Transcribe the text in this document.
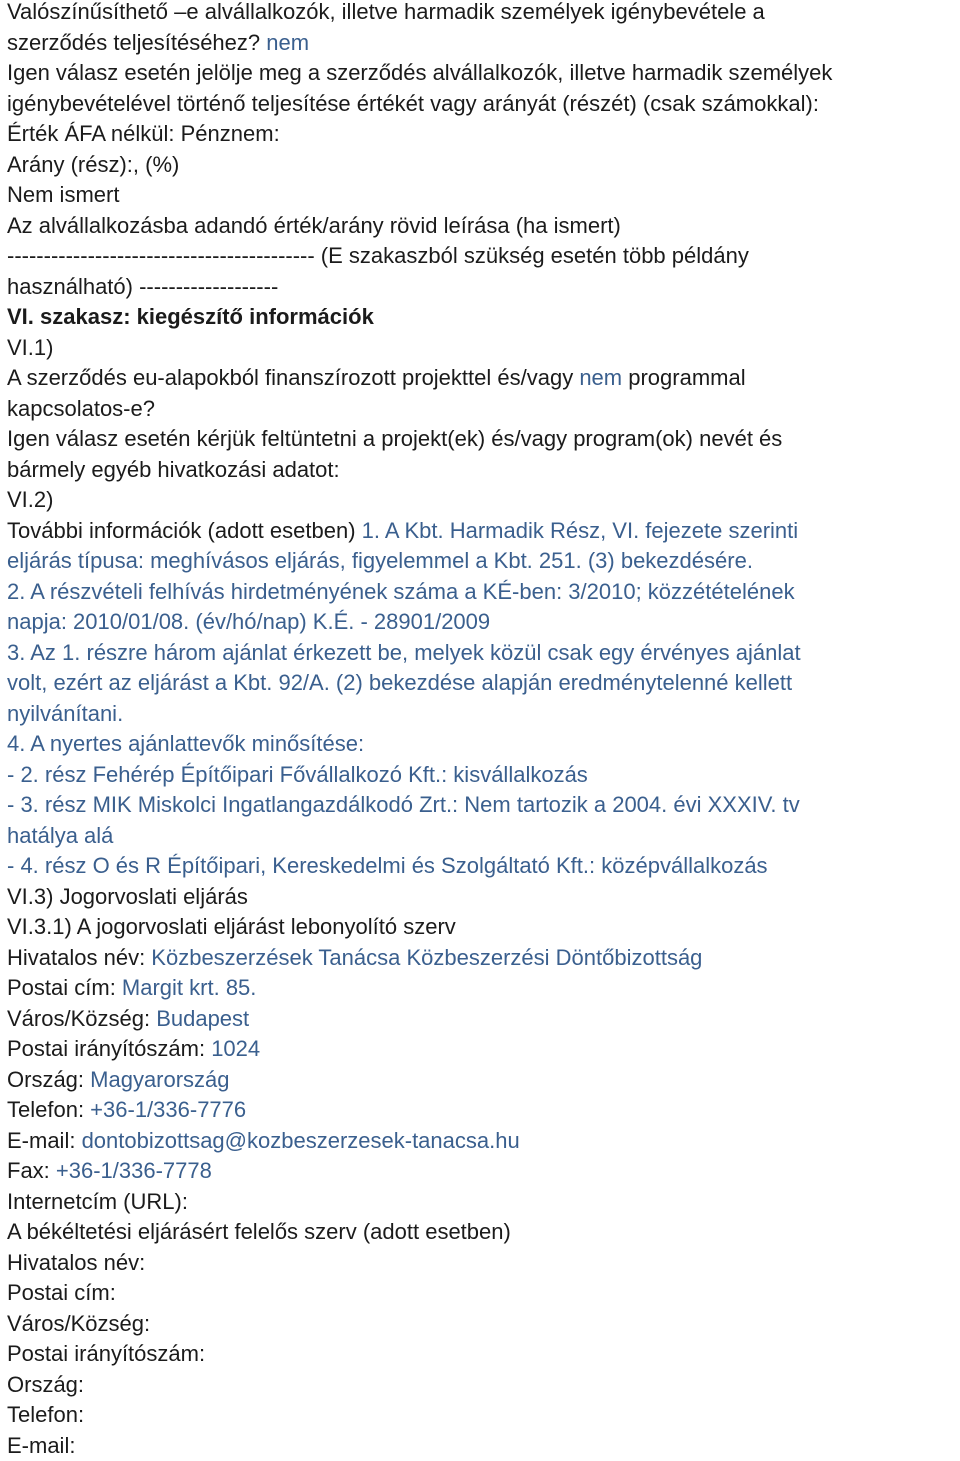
Valószínűsíthető –e alvállalkozók, illetve harmadik személyek igénybevétele a
szerződés teljesítéséhez? nem
Igen válasz esetén jelölje meg a szerződés alvállalkozók, illetve harmadik személyek
igénybevételével történő teljesítése értékét vagy arányát (részét) (csak számokkal):
Érték ÁFA nélkül: Pénznem:
Arány (rész):, (%)
Nem ismert
Az alvállalkozásba adandó érték/arány rövid leírása (ha ismert)
------------------------------------------ (E szakaszból szükség esetén több példány
használható) -------------------
VI. szakasz: kiegészítő információk
VI.1)
A szerződés eu-alapokból finanszírozott projekttel és/vagy nem programmal
kapcsolatos-e?
Igen válasz esetén kérjük feltüntetni a projekt(ek) és/vagy program(ok) nevét és
bármely egyéb hivatkozási adatot:
VI.2)
További információk (adott esetben) 1. A Kbt. Harmadik Rész, VI. fejezete szerinti
eljárás típusa: meghívásos eljárás, figyelemmel a Kbt. 251. (3) bekezdésére.
2. A részvételi felhívás hirdetményének száma a KÉ-ben: 3/2010; közzétételének
napja: 2010/01/08. (év/hó/nap) K.É. - 28901/2009
3. Az 1. részre három ajánlat érkezett be, melyek közül csak egy érvényes ajánlat
volt, ezért az eljárást a Kbt. 92/A. (2) bekezdése alapján eredménytelenné kellett
nyilvánítani.
4. A nyertes ajánlattevők minősítése:
- 2. rész Fehérép Építőipari Fővállalkozó Kft.: kisvállalkozás
- 3. rész MIK Miskolci Ingatlangazdálkodó Zrt.: Nem tartozik a 2004. évi XXXIV. tv
hatálya alá
- 4. rész O és R Építőipari, Kereskedelmi és Szolgáltató Kft.: középvállalkozás
VI.3) Jogorvoslati eljárás
VI.3.1) A jogorvoslati eljárást lebonyolító szerv
Hivatalos név: Közbeszerzések Tanácsa Közbeszerzési Döntőbizottság
Postai cím: Margit krt. 85.
Város/Község: Budapest
Postai irányítószám: 1024
Ország: Magyarország
Telefon: +36-1/336-7776
E-mail: dontobizottsag@kozbeszerzesek-tanacsa.hu
Fax: +36-1/336-7778
Internetcím (URL):
A békéltetési eljárásért felelős szerv (adott esetben)
Hivatalos név:
Postai cím:
Város/Község:
Postai irányítószám:
Ország:
Telefon:
E-mail:
